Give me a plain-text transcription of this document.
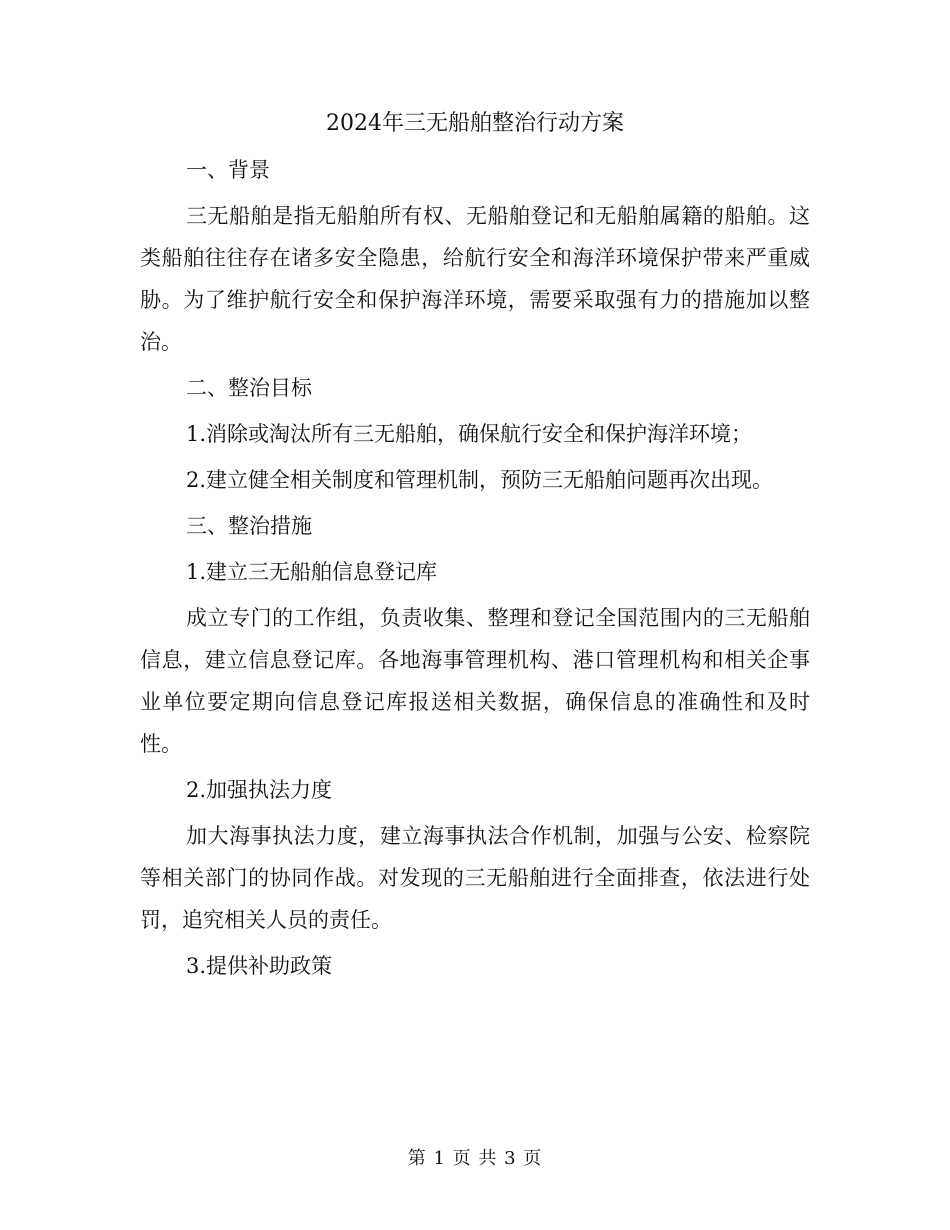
2024年三无船舶整治行动方案
一、背景
三无船舶是指无船舶所有权、无船舶登记和无船舶属籍的船舶。这类船舶往往存在诸多安全隐患，给航行安全和海洋环境保护带来严重威胁。为了维护航行安全和保护海洋环境，需要采取强有力的措施加以整治。
二、整治目标
1.消除或淘汰所有三无船舶，确保航行安全和保护海洋环境；
2.建立健全相关制度和管理机制，预防三无船舶问题再次出现。
三、整治措施
1.建立三无船舶信息登记库
成立专门的工作组，负责收集、整理和登记全国范围内的三无船舶信息，建立信息登记库。各地海事管理机构、港口管理机构和相关企事业单位要定期向信息登记库报送相关数据，确保信息的准确性和及时性。
2.加强执法力度
加大海事执法力度，建立海事执法合作机制，加强与公安、检察院等相关部门的协同作战。对发现的三无船舶进行全面排查，依法进行处罚，追究相关人员的责任。
3.提供补助政策
第 1 页 共 3 页
